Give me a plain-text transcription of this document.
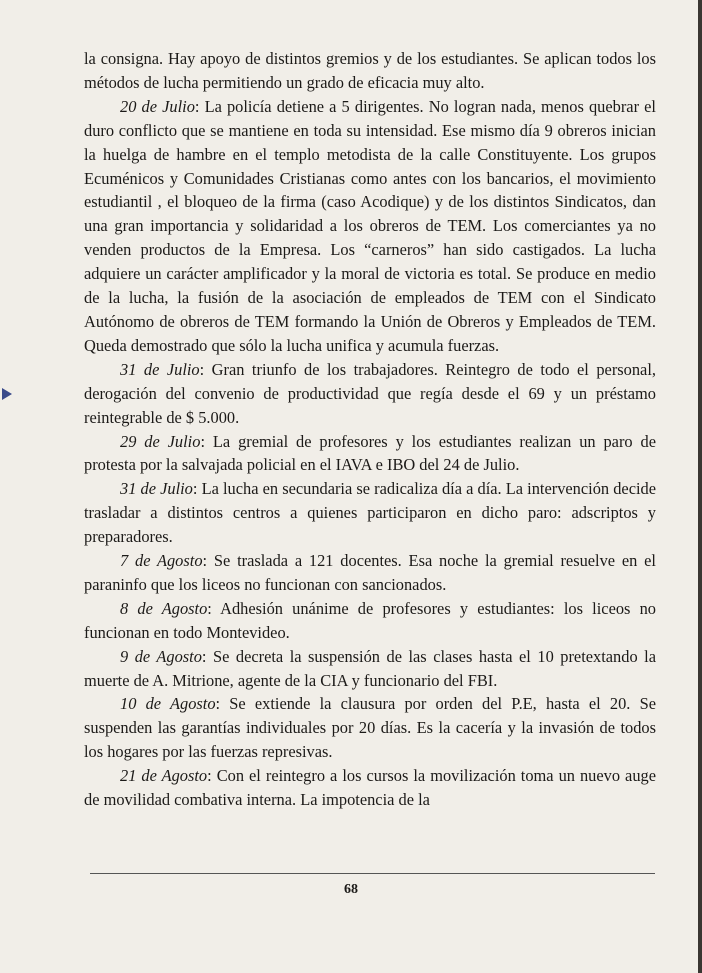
la consigna. Hay apoyo de distintos gremios y de los estudiantes. Se aplican todos los métodos de lucha permitiendo un grado de eficacia muy alto.

20 de Julio: La policía detiene a 5 dirigentes. No logran nada, menos quebrar el duro conflicto que se mantiene en toda su intensidad. Ese mismo día 9 obreros inician la huelga de hambre en el templo metodista de la calle Constituyente. Los grupos Ecuménicos y Comunidades Cristianas como antes con los bancarios, el movimiento estudiantil , el bloqueo de la firma (caso Acodique) y de los distintos Sindicatos, dan una gran importancia y solidaridad a los obreros de TEM. Los comerciantes ya no venden productos de la Empresa. Los “carneros” han sido castigados. La lucha adquiere un carácter amplificador y la moral de victoria es total. Se produce en medio de la lucha, la fusión de la asociación de empleados de TEM con el Sindicato Autónomo de obreros de TEM formando la Unión de Obreros y Empleados de TEM. Queda demostrado que sólo la lucha unifica y acumula fuerzas.

31 de Julio: Gran triunfo de los trabajadores. Reintegro de todo el personal, derogación del convenio de productividad que regía desde el 69 y un préstamo reintegrable de $ 5.000.

29 de Julio: La gremial de profesores y los estudiantes realizan un paro de protesta por la salvajada policial en el IAVA e IBO del 24 de Julio.

31 de Julio: La lucha en secundaria se radicaliza día a día. La intervención decide trasladar a distintos centros a quienes participaron en dicho paro: adscriptos y preparadores.

7 de Agosto: Se traslada a 121 docentes. Esa noche la gremial resuelve en el paraninfo que los liceos no funcionan con sancionados.

8 de Agosto: Adhesión unánime de profesores y estudiantes: los liceos no funcionan en todo Montevideo.

9 de Agosto: Se decreta la suspensión de las clases hasta el 10 pretextando la muerte de A. Mitrione, agente de la CIA y funcionario del FBI.

10 de Agosto: Se extiende la clausura por orden del P.E, hasta el 20. Se suspenden las garantías individuales por 20 días. Es la cacería y la invasión de todos los hogares por las fuerzas represivas.

21 de Agosto: Con el reintegro a los cursos la movilización toma un nuevo auge de movilidad combativa interna. La impotencia de la

68
